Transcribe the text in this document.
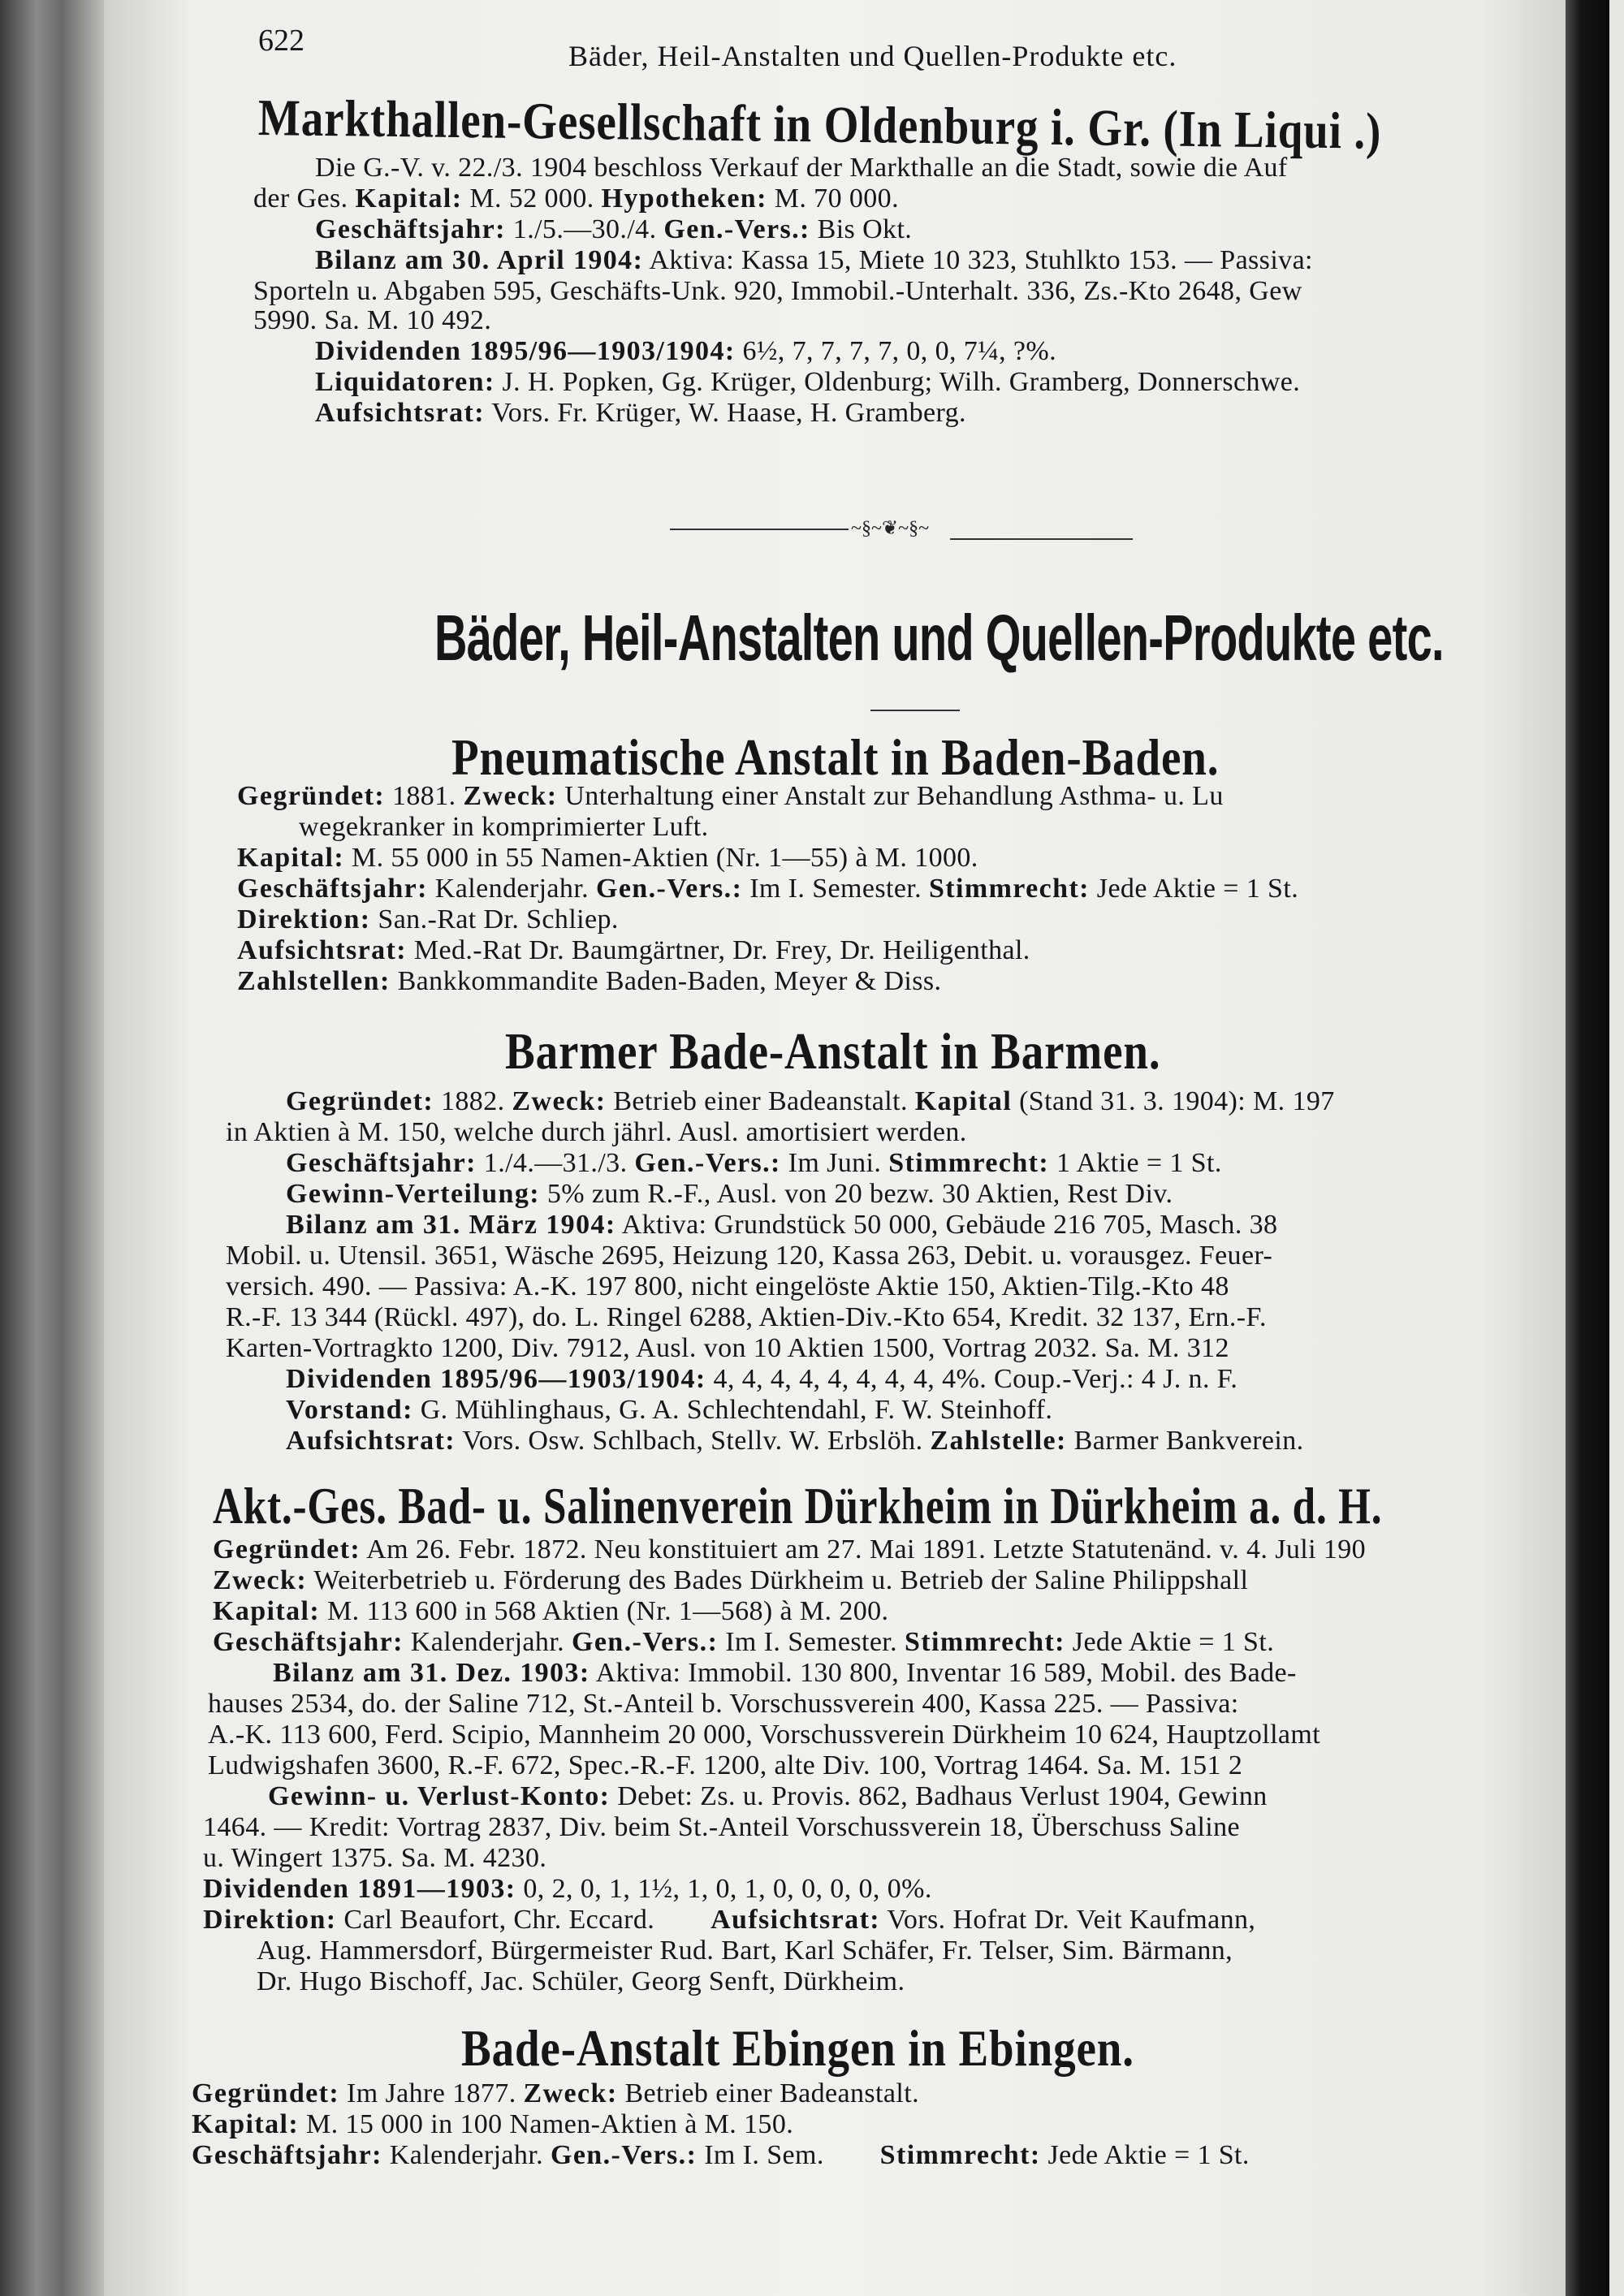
622	Bäder, Heil-Anstalten und Quellen-Produkte etc.
Markthallen-Gesellschaft in Oldenburg i. Gr. (In Liqui .)
Die G.-V. v. 22./3. 1904 beschloss Verkauf der Markthalle an die Stadt, sowie die Auf
der Ges. Kapital: M. 52 000. Hypotheken: M. 70 000.
Geschäftsjahr: 1./5.—30./4. Gen.-Vers.: Bis Okt.
Bilanz am 30. April 1904: Aktiva: Kassa 15, Miete 10 323, Stuhlkto 153. — Passiva:
Sporteln u. Abgaben 595, Geschäfts-Unk. 920, Immobil.-Unterhalt. 336, Zs.-Kto 2648, Gew
5990. Sa. M. 10 492.
Dividenden 1895/96—1903/1904: 6½, 7, 7, 7, 7, 0, 0, 7¼, ?%.
Liquidatoren: J. H. Popken, Gg. Krüger, Oldenburg; Wilh. Gramberg, Donnerschwe.
Aufsichtsrat: Vors. Fr. Krüger, W. Haase, H. Gramberg.
~§~❦~§~
Bäder, Heil-Anstalten und Quellen-Produkte etc.
Pneumatische Anstalt in Baden-Baden.
Gegründet: 1881. Zweck: Unterhaltung einer Anstalt zur Behandlung Asthma- u. Lu
wegekranker in komprimierter Luft.
Kapital: M. 55 000 in 55 Namen-Aktien (Nr. 1—55) à M. 1000.
Geschäftsjahr: Kalenderjahr. Gen.-Vers.: Im I. Semester. Stimmrecht: Jede Aktie = 1 St.
Direktion: San.-Rat Dr. Schliep.
Aufsichtsrat: Med.-Rat Dr. Baumgärtner, Dr. Frey, Dr. Heiligenthal.
Zahlstellen: Bankkommandite Baden-Baden, Meyer & Diss.
Barmer Bade-Anstalt in Barmen.
Gegründet: 1882. Zweck: Betrieb einer Badeanstalt. Kapital (Stand 31. 3. 1904): M. 197
in Aktien à M. 150, welche durch jährl. Ausl. amortisiert werden.
Geschäftsjahr: 1./4.—31./3. Gen.-Vers.: Im Juni. Stimmrecht: 1 Aktie = 1 St.
Gewinn-Verteilung: 5% zum R.-F., Ausl. von 20 bezw. 30 Aktien, Rest Div.
Bilanz am 31. März 1904: Aktiva: Grundstück 50 000, Gebäude 216 705, Masch. 38
Mobil. u. Utensil. 3651, Wäsche 2695, Heizung 120, Kassa 263, Debit. u. vorausgez. Feuer-
versich. 490. — Passiva: A.-K. 197 800, nicht eingelöste Aktie 150, Aktien-Tilg.-Kto 48
R.-F. 13 344 (Rückl. 497), do. L. Ringel 6288, Aktien-Div.-Kto 654, Kredit. 32 137, Ern.-F.
Karten-Vortragkto 1200, Div. 7912, Ausl. von 10 Aktien 1500, Vortrag 2032. Sa. M. 312
Dividenden 1895/96—1903/1904: 4, 4, 4, 4, 4, 4, 4, 4, 4%. Coup.-Verj.: 4 J. n. F.
Vorstand: G. Mühlinghaus, G. A. Schlechtendahl, F. W. Steinhoff.
Aufsichtsrat: Vors. Osw. Schlbach, Stellv. W. Erbslöh. Zahlstelle: Barmer Bankverein.
Akt.-Ges. Bad- u. Salinenverein Dürkheim in Dürkheim a. d. H.
Gegründet: Am 26. Febr. 1872. Neu konstituiert am 27. Mai 1891. Letzte Statutenänd. v. 4. Juli 190
Zweck: Weiterbetrieb u. Förderung des Bades Dürkheim u. Betrieb der Saline Philippshall
Kapital: M. 113 600 in 568 Aktien (Nr. 1—568) à M. 200.
Geschäftsjahr: Kalenderjahr. Gen.-Vers.: Im I. Semester. Stimmrecht: Jede Aktie = 1 St.
Bilanz am 31. Dez. 1903: Aktiva: Immobil. 130 800, Inventar 16 589, Mobil. des Bade-
hauses 2534, do. der Saline 712, St.-Anteil b. Vorschussverein 400, Kassa 225. — Passiva:
A.-K. 113 600, Ferd. Scipio, Mannheim 20 000, Vorschussverein Dürkheim 10 624, Hauptzollamt
Ludwigshafen 3600, R.-F. 672, Spec.-R.-F. 1200, alte Div. 100, Vortrag 1464. Sa. M. 151 2
Gewinn- u. Verlust-Konto: Debet: Zs. u. Provis. 862, Badhaus Verlust 1904, Gewinn
1464. — Kredit: Vortrag 2837, Div. beim St.-Anteil Vorschussverein 18, Überschuss Saline
u. Wingert 1375. Sa. M. 4230.
Dividenden 1891—1903: 0, 2, 0, 1, 1½, 1, 0, 1, 0, 0, 0, 0, 0%.
Direktion: Carl Beaufort, Chr. Eccard. Aufsichtsrat: Vors. Hofrat Dr. Veit Kaufmann,
Aug. Hammersdorf, Bürgermeister Rud. Bart, Karl Schäfer, Fr. Telser, Sim. Bärmann,
Dr. Hugo Bischoff, Jac. Schüler, Georg Senft, Dürkheim.
Bade-Anstalt Ebingen in Ebingen.
Gegründet: Im Jahre 1877. Zweck: Betrieb einer Badeanstalt.
Kapital: M. 15 000 in 100 Namen-Aktien à M. 150.
Geschäftsjahr: Kalenderjahr. Gen.-Vers.: Im I. Sem. Stimmrecht: Jede Aktie = 1 St.
